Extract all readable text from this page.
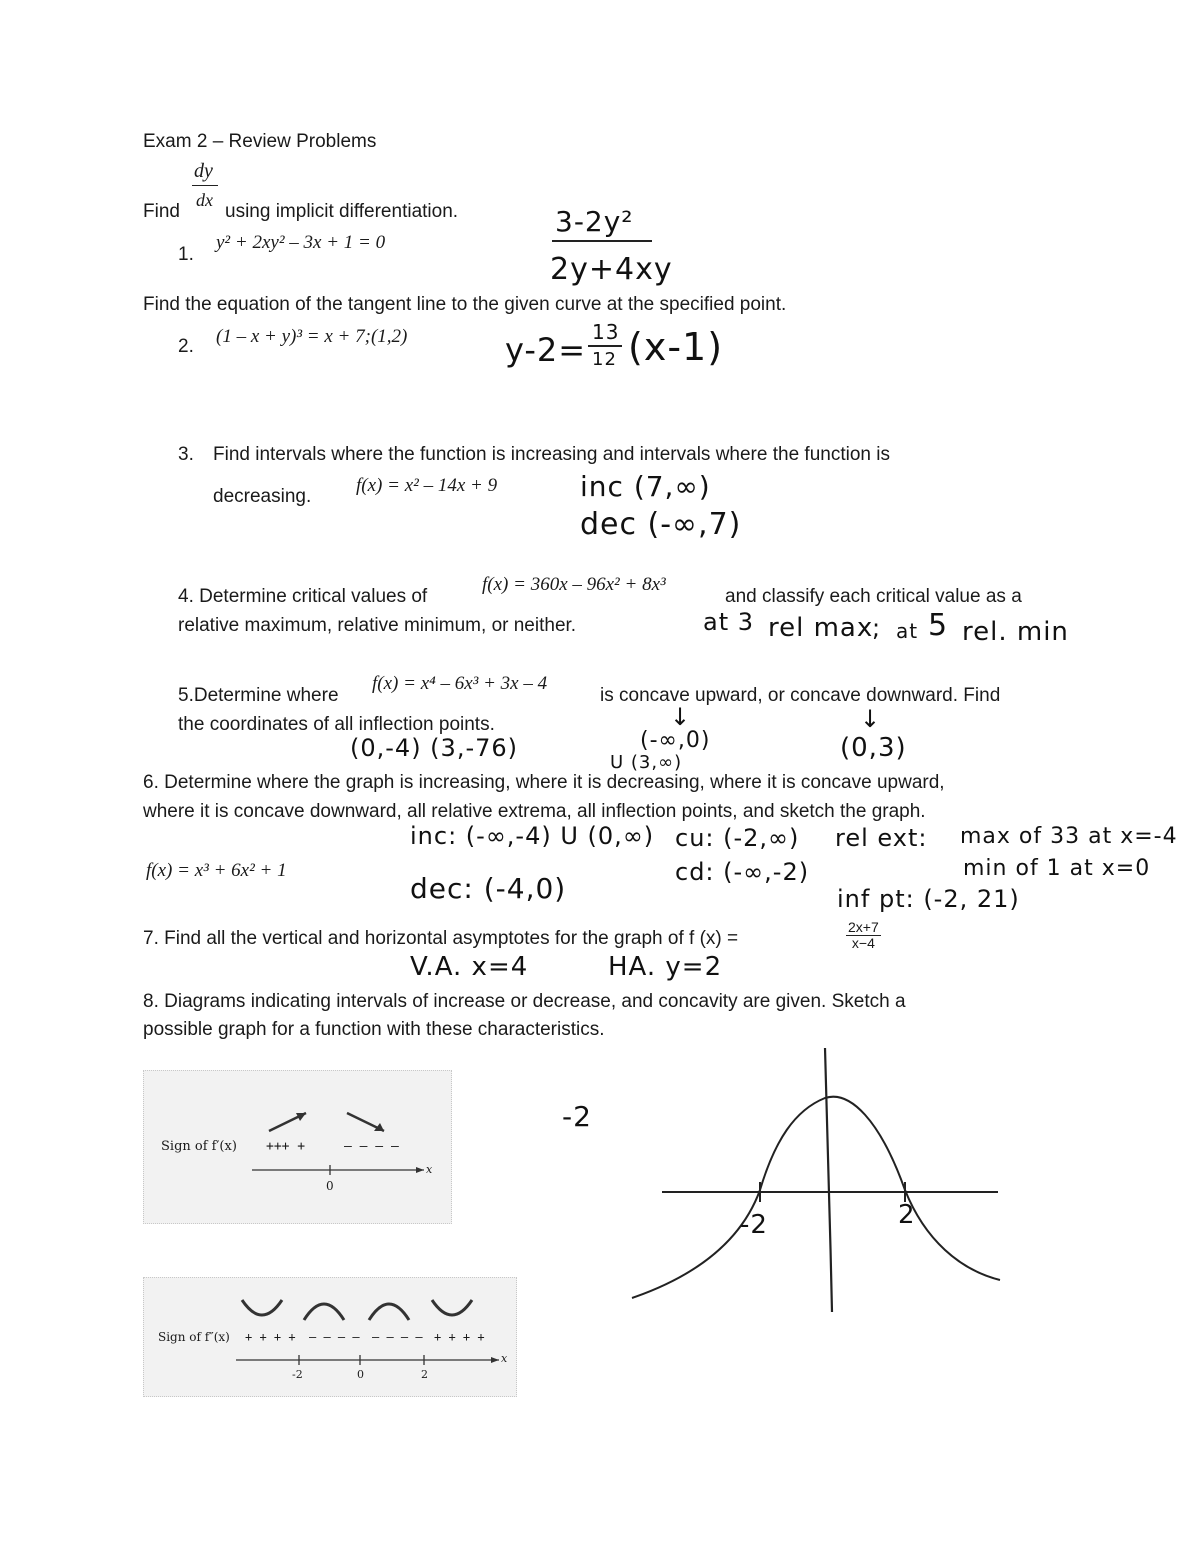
Exam 2 – Review Problems
dy
dx
Find using implicit differentiation.
1.
y² + 2xy² – 3x + 1 = 0
3-2y²
2y+4xy
Find the equation of the tangent line to the given curve at the specified point.
2. (1 – x + y)³ = x + 7;(1,2)	y-2= 13
12 (x-1)
3. Find intervals where the function is increasing and intervals where the function is
decreasing.
f(x) = x² – 14x + 9	inc (7,∞)
dec (-∞,7)
4. Determine critical values of
f(x) = 360x – 96x² + 8x³
and classify each critical value as a
relative maximum, relative minimum, or neither.	at 3 rel max
; at 5 rel. min
5.Determine where
f(x) = x⁴ – 6x³ + 3x – 4
is concave upward, or concave downward. Find
the coordinates of all inflection points.
(0,-4) (3,-76)
↓
(-∞,0)
U (3,∞)
↓
(0,3)
6. Determine where the graph is increasing, where it is decreasing, where it is concave upward,
where it is concave downward, all relative extrema, all inflection points, and sketch the graph.
f(x) = x³ + 6x² + 1
inc: (-∞,-4) U (0,∞)
dec: (-4,0)
cu: (-2,∞)
cd: (-∞,-2)
rel ext: max of 33 at x=-4
min of 1 at x=0
inf pt: (-2, 21)
7. Find all the vertical and horizontal asymptotes for the graph of f (x) =	$\frac{2x+7}{x-4}$
V.A. x=4	HA. y=2
8. Diagrams indicating intervals of increase or decrease, and concavity are given. Sketch a
possible graph for a function with these characteristics.
Sign of f′(x) +++ +	– – – –
0
x
Sign of f″(x) + + + + – – – – – – – – + + + +
-2	0	2
x
-2
-2	2
